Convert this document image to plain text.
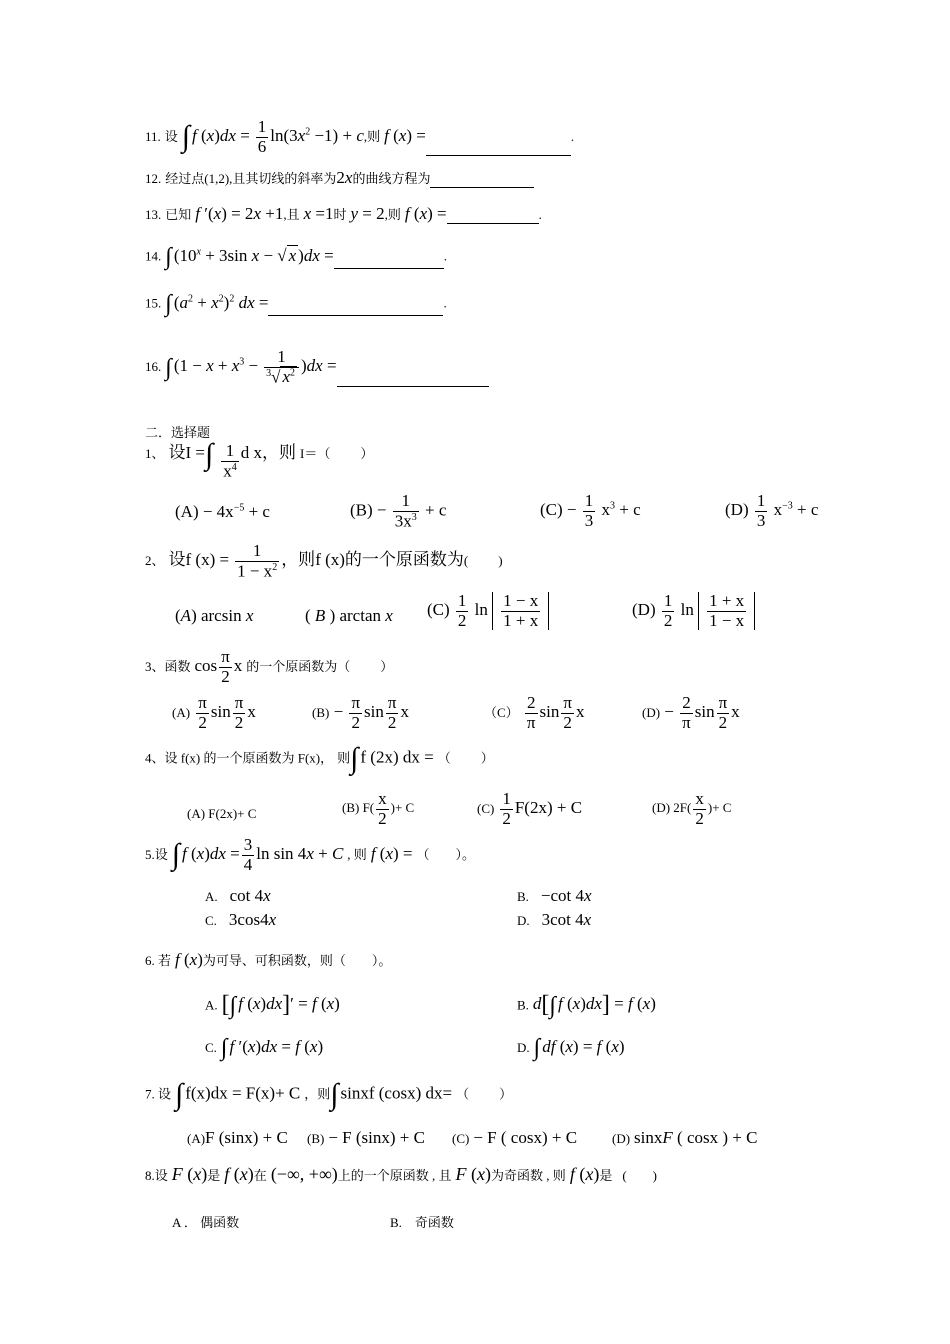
11. 设 ∫ f $(x)dx = \frac{1}{6} \ln(3x^2 -1) + c$,则 f (x) =	.
12. 经过点(1,2),且其切线的斜率为2x的曲线方程为
13. 已知 f ′(x) = 2x +1,且 x =1时 y = 2,则 f (x) =	.
14. ∫ ($10^x + 3\sin$ x − √ x )dx =	.
15. ∫ $(a^2 + x^2)^2$ dx =	.
16. ∫ $(1 - x + x^3 - \frac{1}{^3√ x^2} )dx$ =
二．选择题
1、 设I =∫ $\frac{1}{x^4}$ d x，则 I＝（ ）
$(A) - 4x^{-5} + c$	$(B) - \frac{1}{3x^3} + c$	$(C) - \frac{1}{3} x^3 + c$	$(D) \frac{1}{3} x^{-3} + c$
2、 设f $(x) = \frac{1}{1 - x^2}$ ，则f (x)的一个原函数为( )
(A) arcsin x	( B ) arctan x $(C) \frac{1}{2}$ $\ln \frac{1 - x}{1 + x}$	$(D) \frac{1}{2}$ $\ln \frac{1 + x}{1 - x}$
3、函数 $\cos \frac{\pi}{2}$ x 的一个原函数为（ ）
$(A) \frac{\pi}{2}$ $\sin \frac{\pi}{2}$ x	$(B) - \frac{\pi}{2}$ $\sin \frac{\pi}{2}$ x	$(C) \frac{2}{\pi}$ $\sin \frac{\pi}{2}$ x	$(D) - \frac{2}{\pi}$ $\sin \frac{\pi}{2}$ x
4、设 f(x) 的一个原函数为 F(x)， 则∫ f (2x) dx = （ ）
(A) F(2x)+ C	(B) $F( \frac{x}{2}$ )+ C	$(C) \frac{1}{2} F(2x) + C$	(D) $2F( \frac{x}{2}$ )+ C
5.设 ∫ f $(x)dx = \frac{3}{4}$ ln sin 4x + C , 则 f (x) = （ ）。
A. cot 4x	B. −cot 4x
C. 3cos4x	D. 3cot 4x
6. 若 f (x)为可导、可积函数，则（ ）。
A. [∫ f (x)dx]′ = f (x)	B. d[∫ f (x)dx] = f (x)
C. ∫ f ′(x)dx = f (x)	D. ∫ df (x) = f (x)
7. 设 ∫ f(x)dx = F(x)+ C ，则∫ sinxf (cosx) dx= （ ）
(A)F (sinx) + C (B) − F (sinx) + C (C) − F ( cosx) + C	(D) sinxF ( cosx ) + C
8.设 F (x)是 f (x)在 (−∞, +∞)上的一个原函数 , 且 F (x)为奇函数 , 则 f (x)是 (　　)
A ． 偶函数	B.　奇函数
